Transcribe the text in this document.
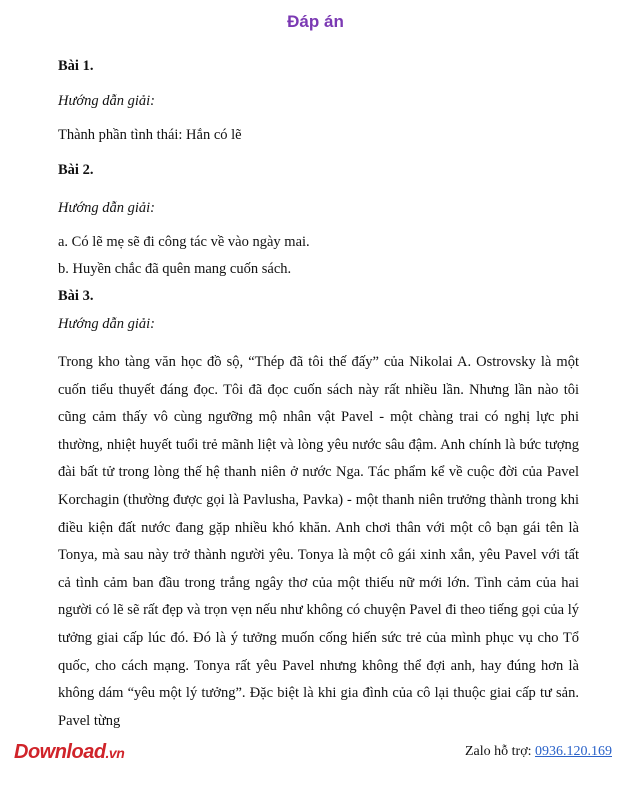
Đáp án

Bài 1.

Hướng dẫn giải:

Thành phần tình thái: Hắn có lẽ

Bài 2.

Hướng dẫn giải:

a. Có lẽ mẹ sẽ đi công tác về vào ngày mai.

b. Huyền chắc đã quên mang cuốn sách.

Bài 3.

Hướng dẫn giải:

Trong kho tàng văn học đồ sộ, “Thép đã tôi thế đấy” của Nikolai A. Ostrovsky là một cuốn tiểu thuyết đáng đọc. Tôi đã đọc cuốn sách này rất nhiều lần. Nhưng lần nào tôi cũng cảm thấy vô cùng ngưỡng mộ nhân vật Pavel - một chàng trai có nghị lực phi thường, nhiệt huyết tuổi trẻ mãnh liệt và lòng yêu nước sâu đậm. Anh chính là bức tượng đài bất tử trong lòng thế hệ thanh niên ở nước Nga. Tác phẩm kể về cuộc đời của Pavel Korchagin (thường được gọi là Pavlusha, Pavka) - một thanh niên trưởng thành trong khi điều kiện đất nước đang gặp nhiều khó khăn. Anh chơi thân với một cô bạn gái tên là Tonya, mà sau này trở thành người yêu. Tonya là một cô gái xinh xắn, yêu Pavel với tất cả tình cảm ban đầu trong trắng ngây thơ của một thiếu nữ mới lớn. Tình cảm của hai người có lẽ sẽ rất đẹp và trọn vẹn nếu như không có chuyện Pavel đi theo tiếng gọi của lý tưởng giai cấp lúc đó. Đó là ý tưởng muốn cống hiến sức trẻ của mình phục vụ cho Tổ quốc, cho cách mạng. Tonya rất yêu Pavel nhưng không thể đợi anh, hay đúng hơn là không dám “yêu một lý tưởng”. Đặc biệt là khi gia đình của cô lại thuộc giai cấp tư sản. Pavel từng

Download.vn	Zalo hỗ trợ: 0936.120.169
